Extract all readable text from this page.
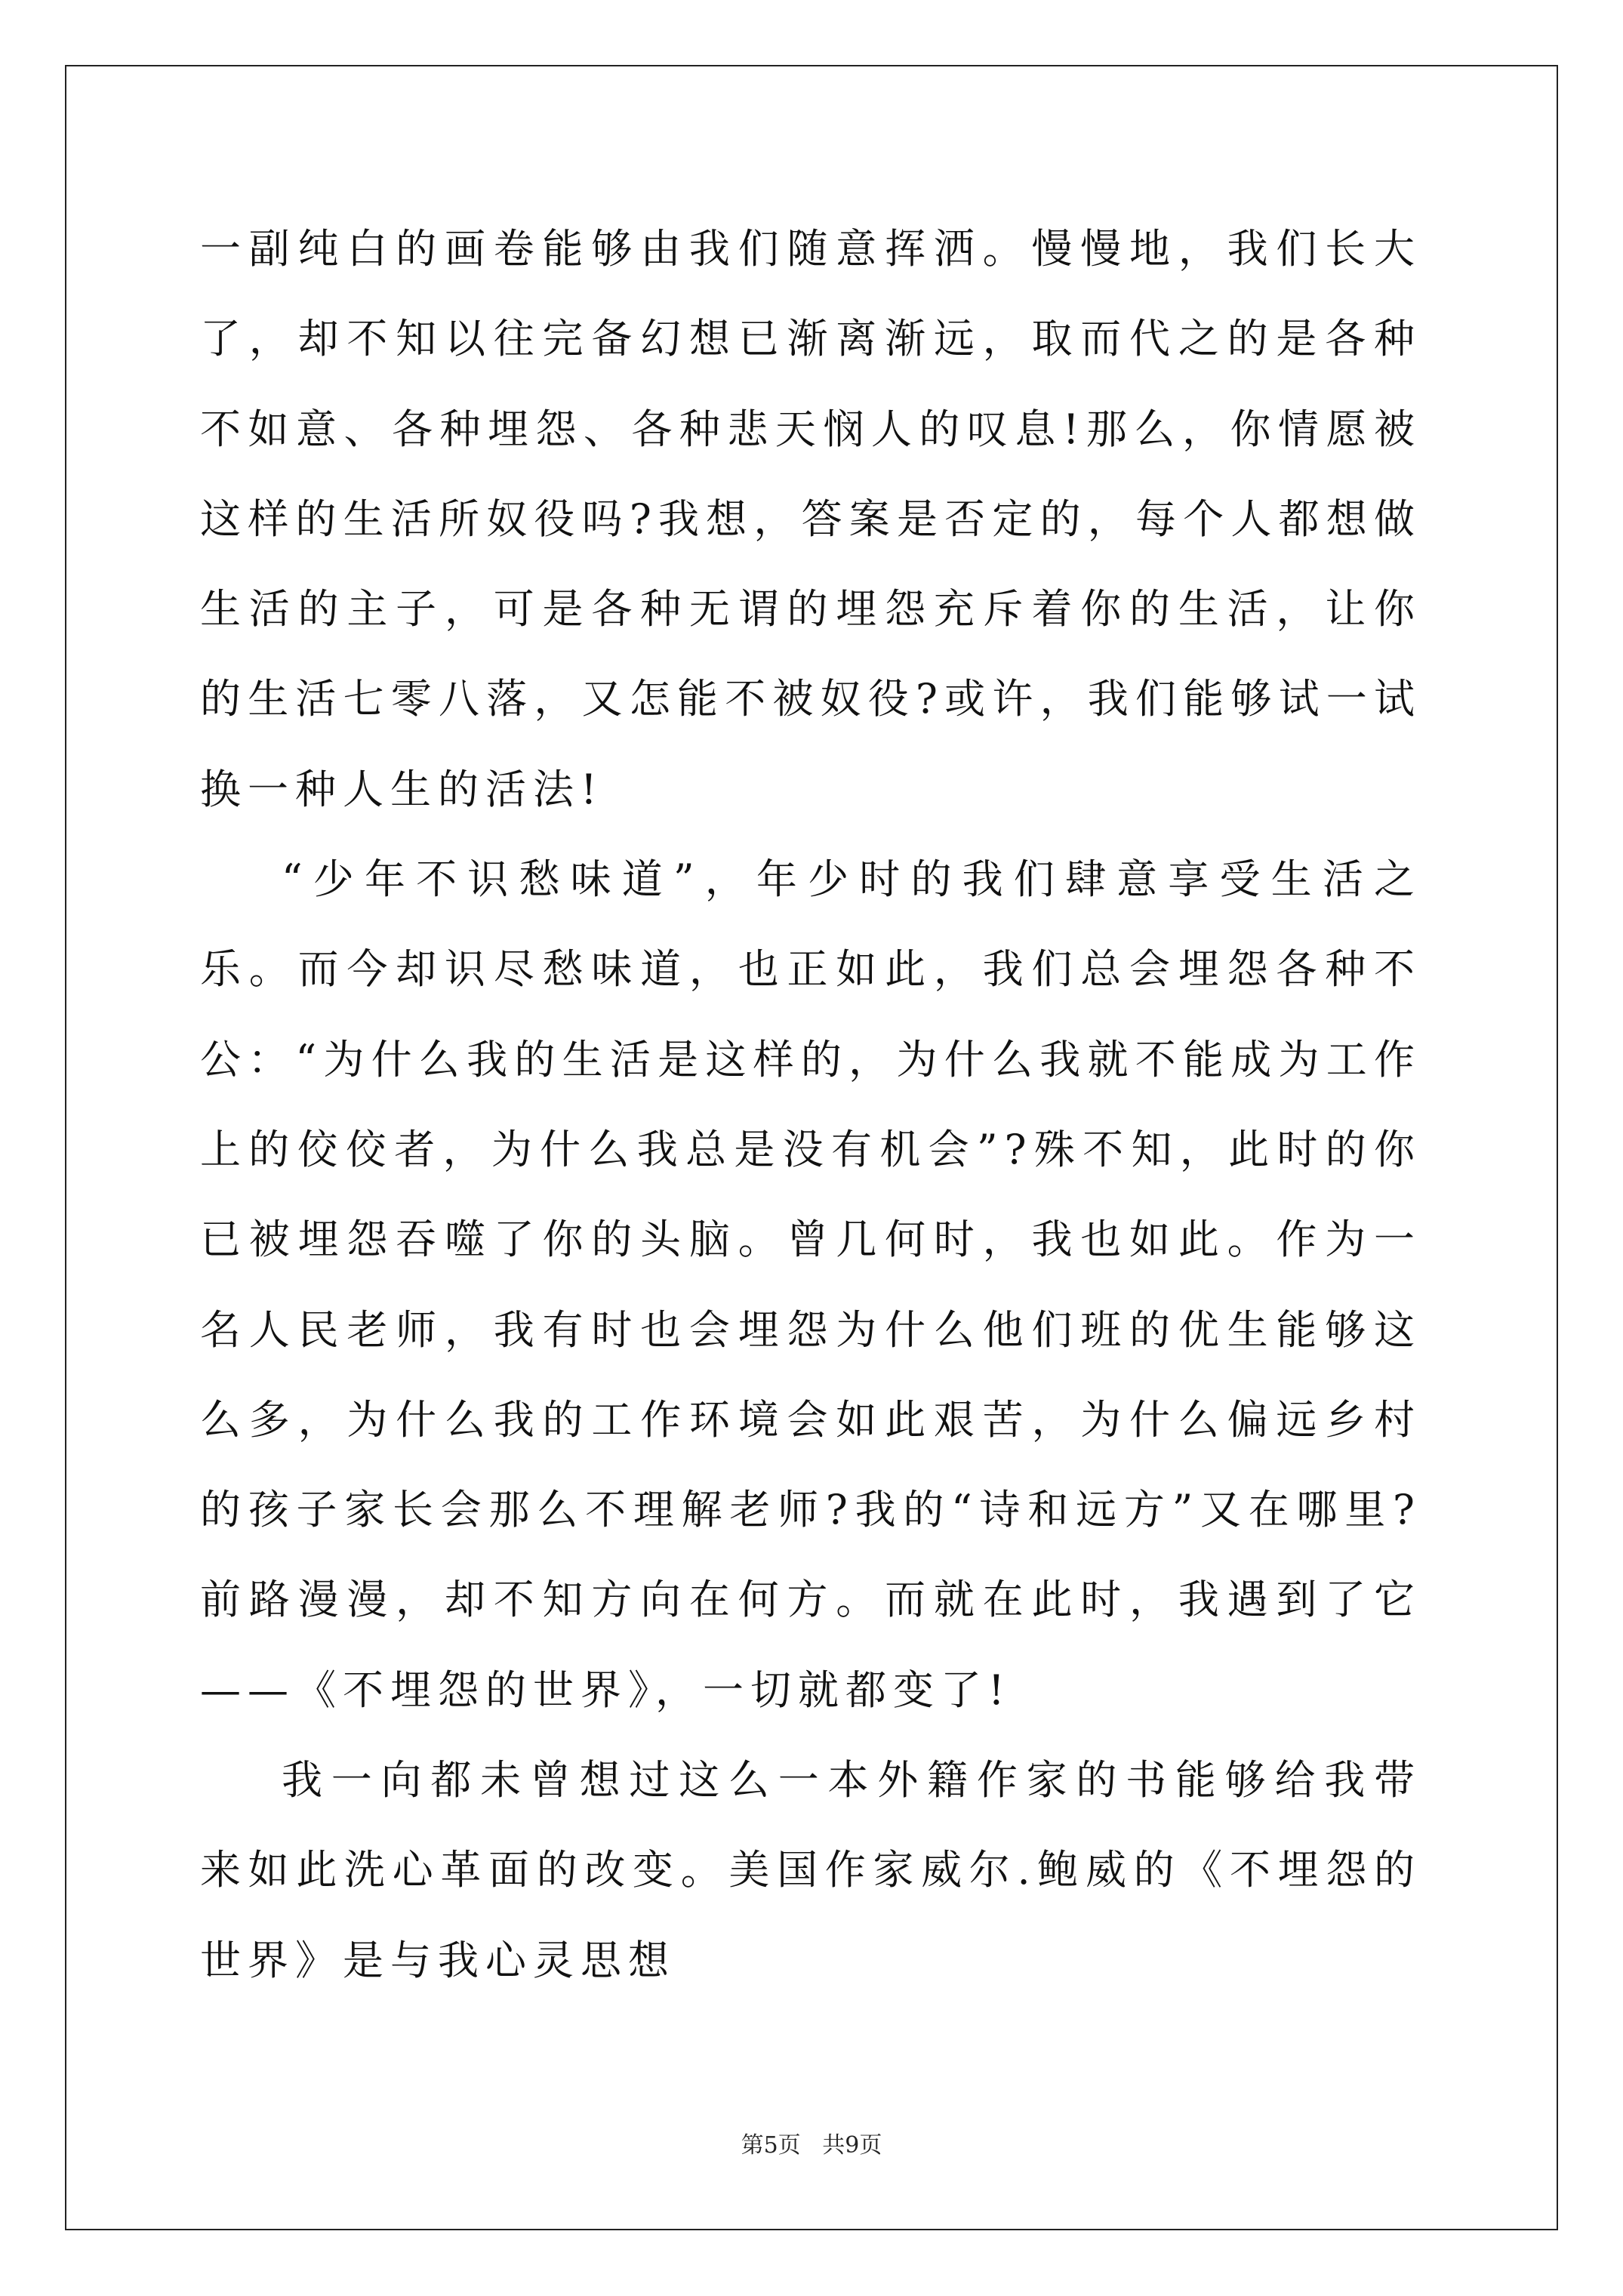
一副纯白的画卷能够由我们随意挥洒。慢慢地，我们长大了，却不知以往完备幻想已渐离渐远，取而代之的是各种不如意、各种埋怨、各种悲天悯人的叹息!那么，你情愿被这样的生活所奴役吗?我想，答案是否定的，每个人都想做生活的主子，可是各种无谓的埋怨充斥着你的生活，让你的生活七零八落，又怎能不被奴役?或许，我们能够试一试换一种人生的活法!

“少年不识愁味道”，年少时的我们肆意享受生活之乐。而今却识尽愁味道，也正如此，我们总会埋怨各种不公：“为什么我的生活是这样的，为什么我就不能成为工作上的佼佼者，为什么我总是没有机会”?殊不知，此时的你已被埋怨吞噬了你的头脑。曾几何时，我也如此。作为一名人民老师，我有时也会埋怨为什么他们班的优生能够这么多，为什么我的工作环境会如此艰苦，为什么偏远乡村的孩子家长会那么不理解老师?我的“诗和远方”又在哪里?前路漫漫，却不知方向在何方。而就在此时，我遇到了它——《不埋怨的世界》，一切就都变了!

我一向都未曾想过这么一本外籍作家的书能够给我带来如此洗心革面的改变。美国作家威尔.鲍威的《不埋怨的世界》是与我心灵思想

第5页   共9页
